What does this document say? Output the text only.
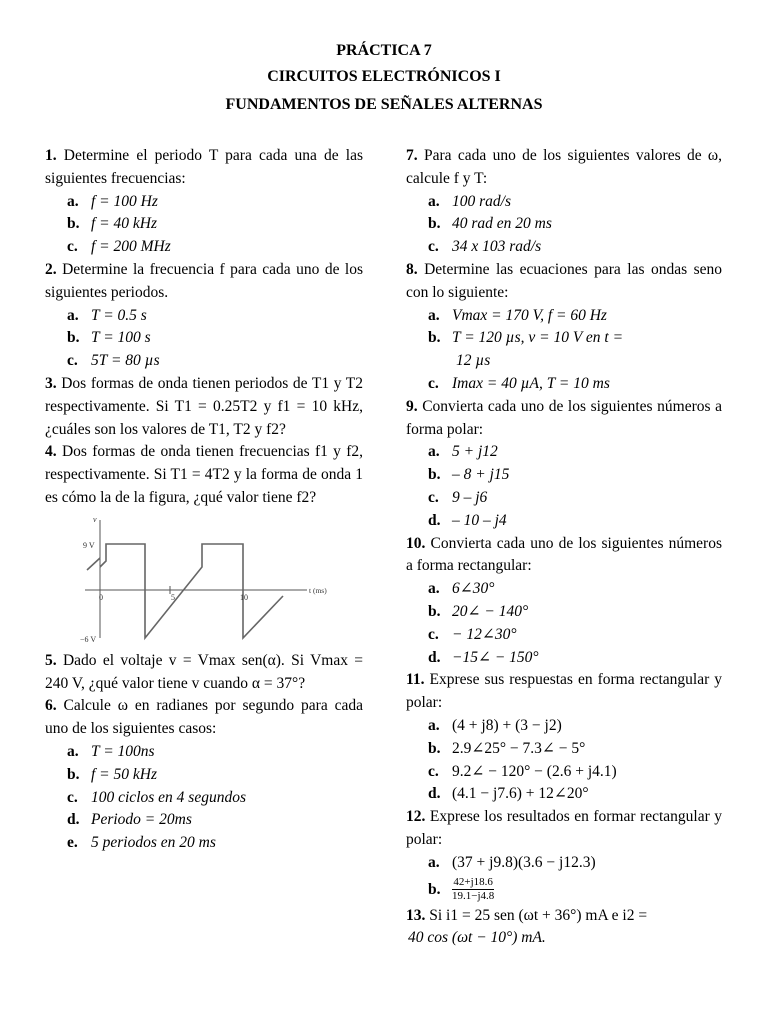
PRÁCTICA 7
CIRCUITOS ELECTRÓNICOS I
FUNDAMENTOS DE SEÑALES ALTERNAS
1. Determine el periodo T para cada una de las siguientes frecuencias:
a. f = 100 Hz
b. f = 40 kHz
c. f = 200 MHz
2. Determine la frecuencia f para cada uno de los siguientes periodos.
a. T = 0.5 s
b. T = 100 s
c. 5T = 80 µs
3. Dos formas de onda tienen periodos de T1 y T2 respectivamente. Si T1 = 0.25T2 y f1 = 10 kHz, ¿cuáles son los valores de T1, T2 y f2?
4. Dos formas de onda tienen frecuencias f1 y f2, respectivamente. Si T1 = 4T2 y la forma de onda 1 es cómo la de la figura, ¿qué valor tiene f2?
v
t (ms)
9 V
−6 V
0	5	10
5. Dado el voltaje v = Vmax sen(α). Si Vmax = 240 V, ¿qué valor tiene v cuando α = 37°?
6. Calcule ω en radianes por segundo para cada uno de los siguientes casos:
a. T = 100ns
b. f = 50 kHz
c. 100 ciclos en 4 segundos
d. Periodo = 20ms
e. 5 periodos en 20 ms
7. Para cada uno de los siguientes valores de ω, calcule f y T:
a. 100 rad/s
b. 40 rad en 20 ms
c. 34 x 103 rad/s
8. Determine las ecuaciones para las ondas seno con lo siguiente:
a. Vmax = 170 V, f = 60 Hz
b. T = 120 µs, v = 10 V en t =
12 µs
c. Imax = 40 µA, T = 10 ms
9. Convierta cada uno de los siguientes números a forma polar:
a. 5 + j12
b. – 8 + j15
c. 9 – j6
d. – 10 – j4
10. Convierta cada uno de los siguientes números a forma rectangular:
a. 6∠30°
b. 20∠ − 140°
c. − 12∠30°
d. −15∠ − 150°
11. Exprese sus respuestas en forma rectangular y polar:
a. (4 + j8) + (3 − j2)
b. 2.9∠25° − 7.3∠ − 5°
c. 9.2∠ − 120° − (2.6 + j4.1)
d. (4.1 − j7.6) + 12∠20°
12. Exprese los resultados en formar rectangular y polar:
a. (37 + j9.8)(3.6 − j12.3)
b. $\frac{42+j18.6}{19.1-j4.8}$
13. Si i1 = 25 sen (ωt + 36°) mA e i2 =
40 cos (ωt − 10°) mA.
